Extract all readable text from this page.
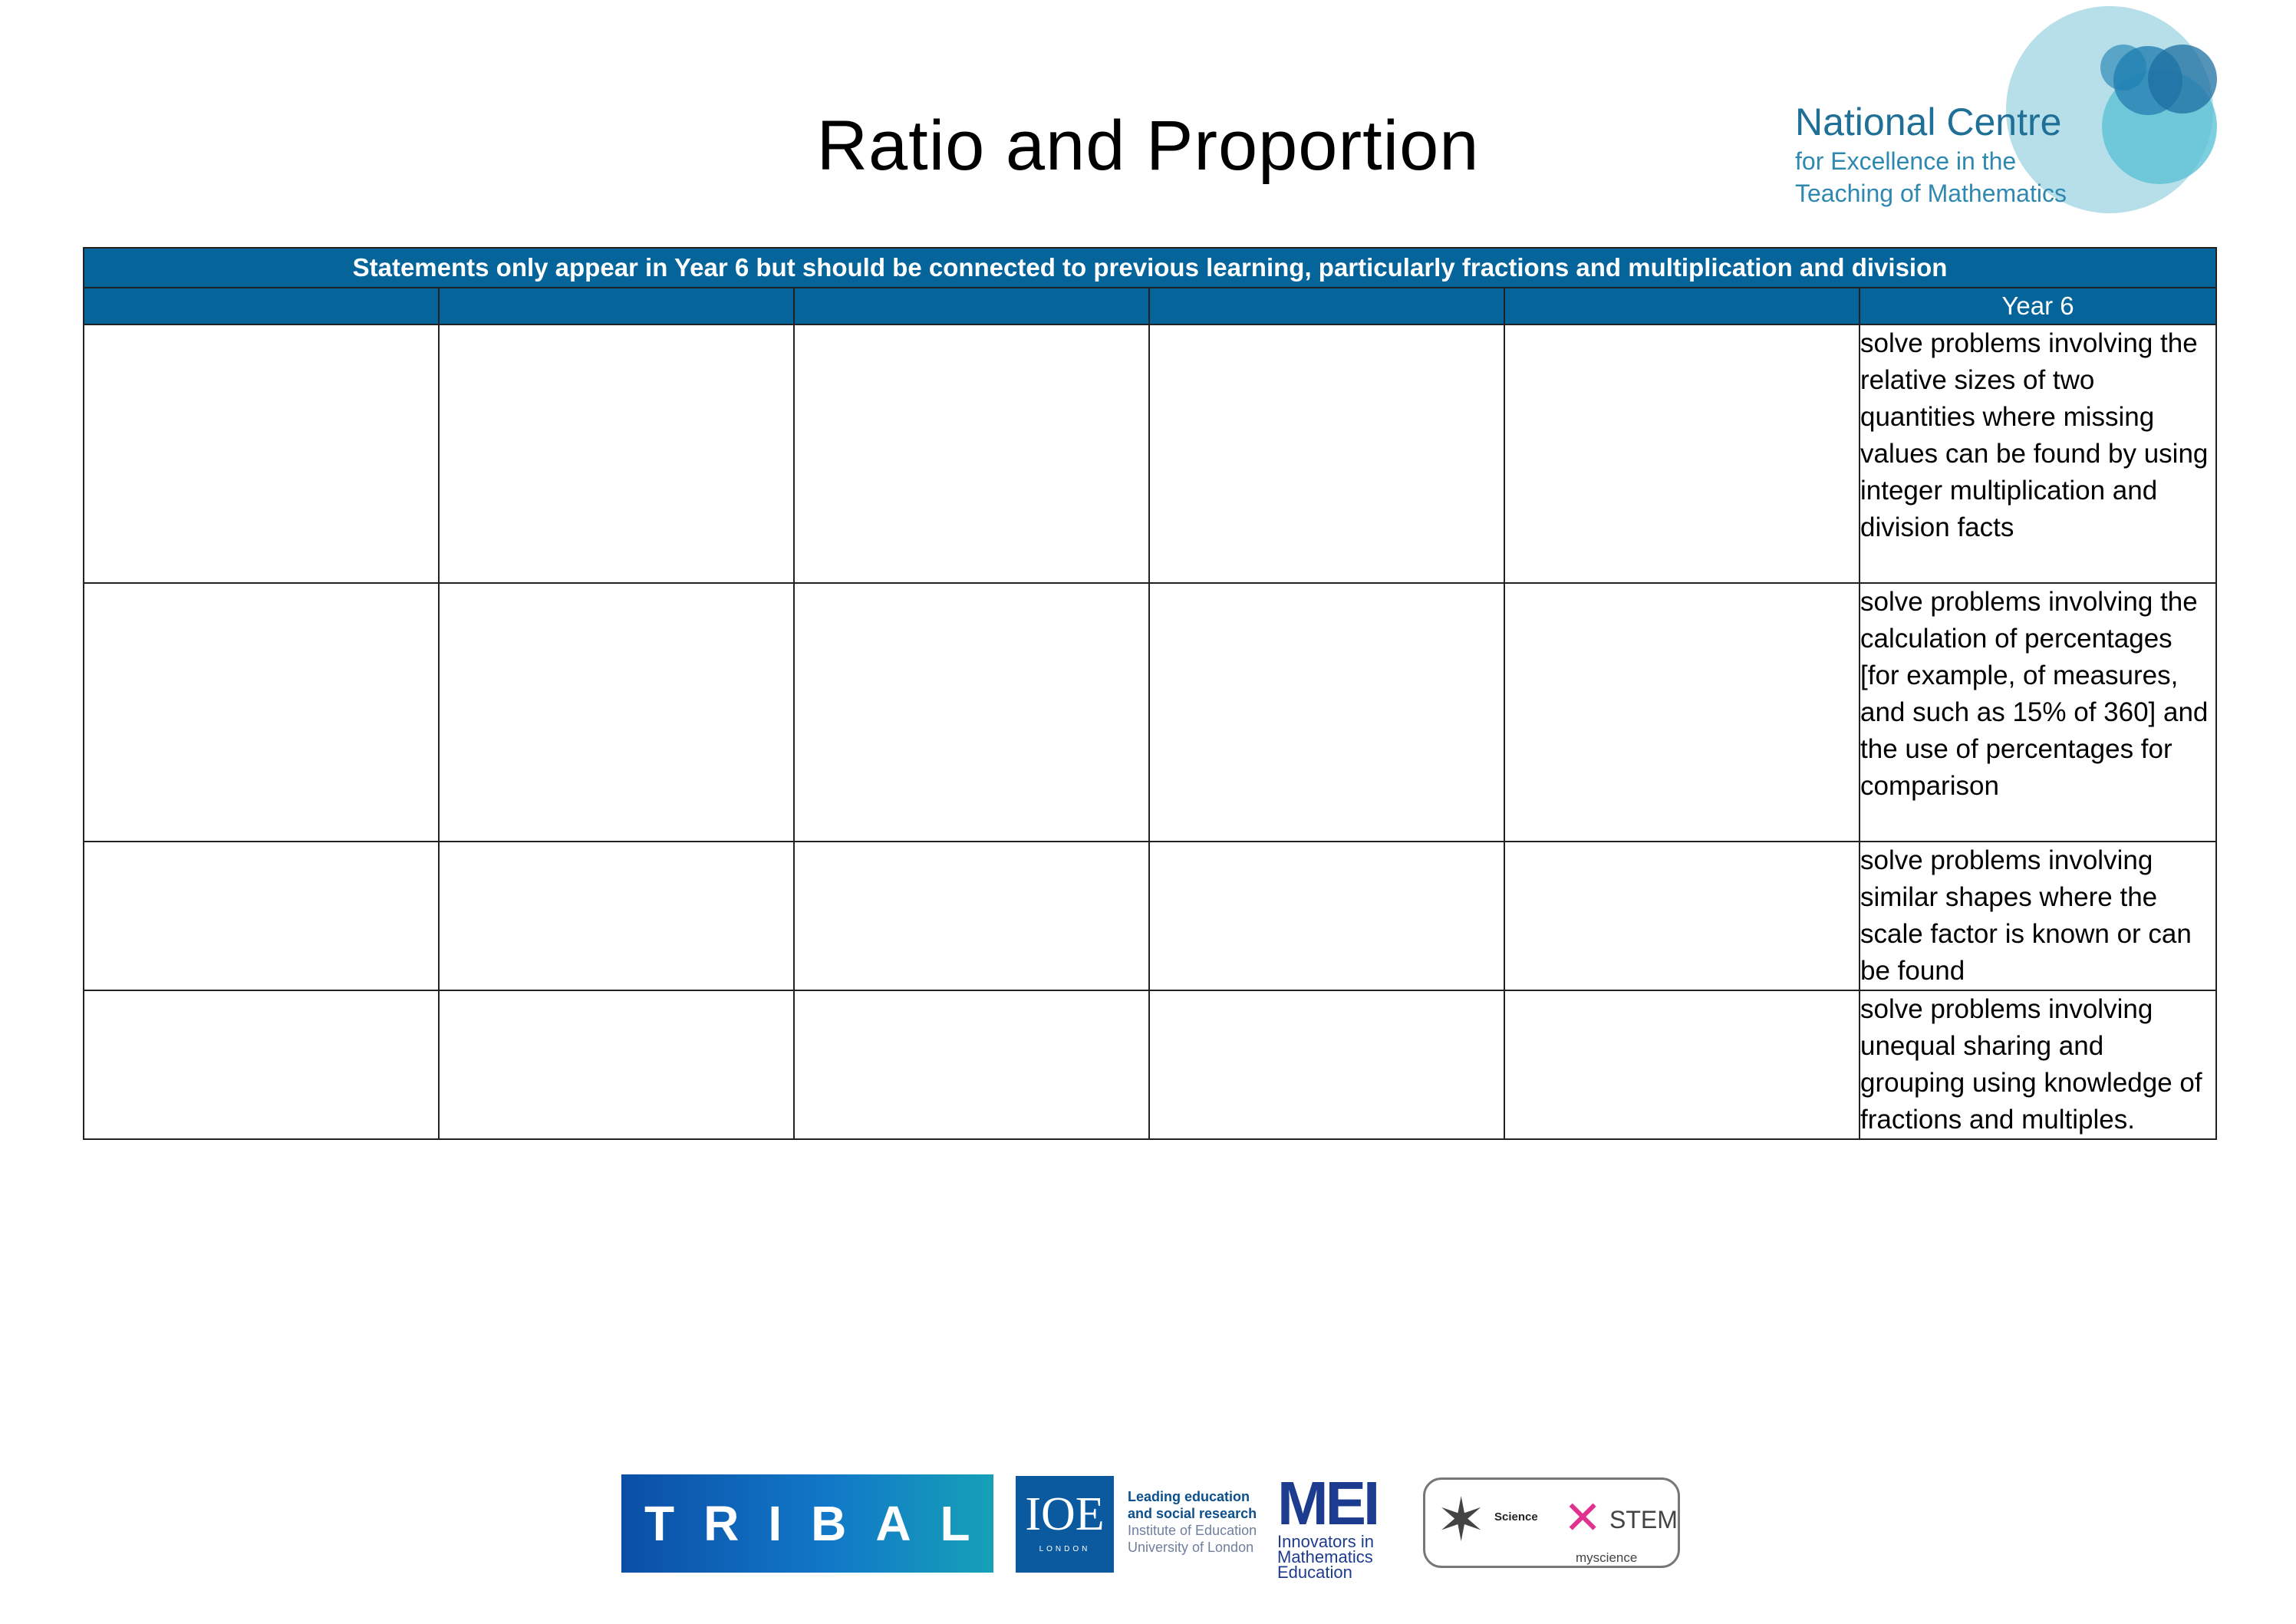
Ratio and Proportion	National Centre
for Excellence in the
Teaching of Mathematics
Statements only appear in Year 6 but should be connected to previous learning, particularly fractions and multiplication and division					
					Year 6
					solve problems involving the relative sizes of two quantities where missing values can be found by using integer multiplication and division facts
					solve problems involving the calculation of percentages [for example, of measures, and such as 15% of 360] and the use of percentages for comparison
					solve problems involving similar shapes where the scale factor is known or can be found
					solve problems involving unequal sharing and grouping using knowledge of fractions and multiples.
TRIBAL IOE
LONDON
Leading education
and social research
Institute of Education
University of London
MEI
Innovators in
Mathematics
Education
✶ Science ✕ STEM
myscience
